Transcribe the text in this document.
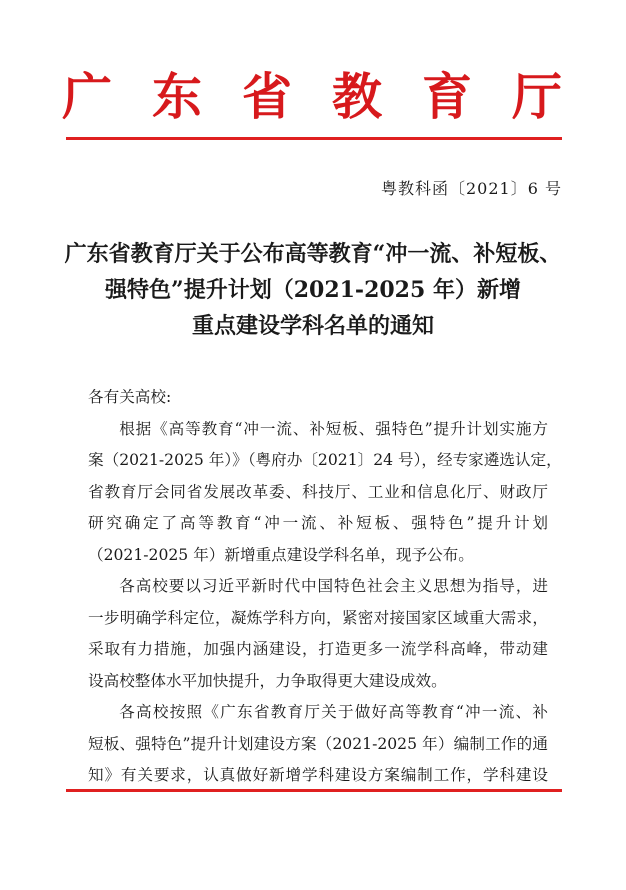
广 东 省 教 育 厅
粤教科函〔2021〕6 号
广东省教育厅关于公布高等教育“冲一流、补短板、
强特色”提升计划（2021-2025 年）新增
重点建设学科名单的通知
各有关高校:
根据《高等教育“冲一流、补短板、强特色”提升计划实施方
案（2021-2025 年）》（粤府办〔2021〕24 号），经专家遴选认定，
省教育厅会同省发展改革委、科技厅、工业和信息化厅、财政厅
研究确定了高等教育“冲一流、补短板、强特色”提升计划
（2021-2025 年）新增重点建设学科名单，现予公布。
各高校要以习近平新时代中国特色社会主义思想为指导，进
一步明确学科定位，凝炼学科方向，紧密对接国家区域重大需求，
采取有力措施，加强内涵建设，打造更多一流学科高峰，带动建
设高校整体水平加快提升，力争取得更大建设成效。
各高校按照《广东省教育厅关于做好高等教育“冲一流、补
短板、强特色”提升计划建设方案（2021-2025 年）编制工作的通
知》有关要求，认真做好新增学科建设方案编制工作，学科建设
